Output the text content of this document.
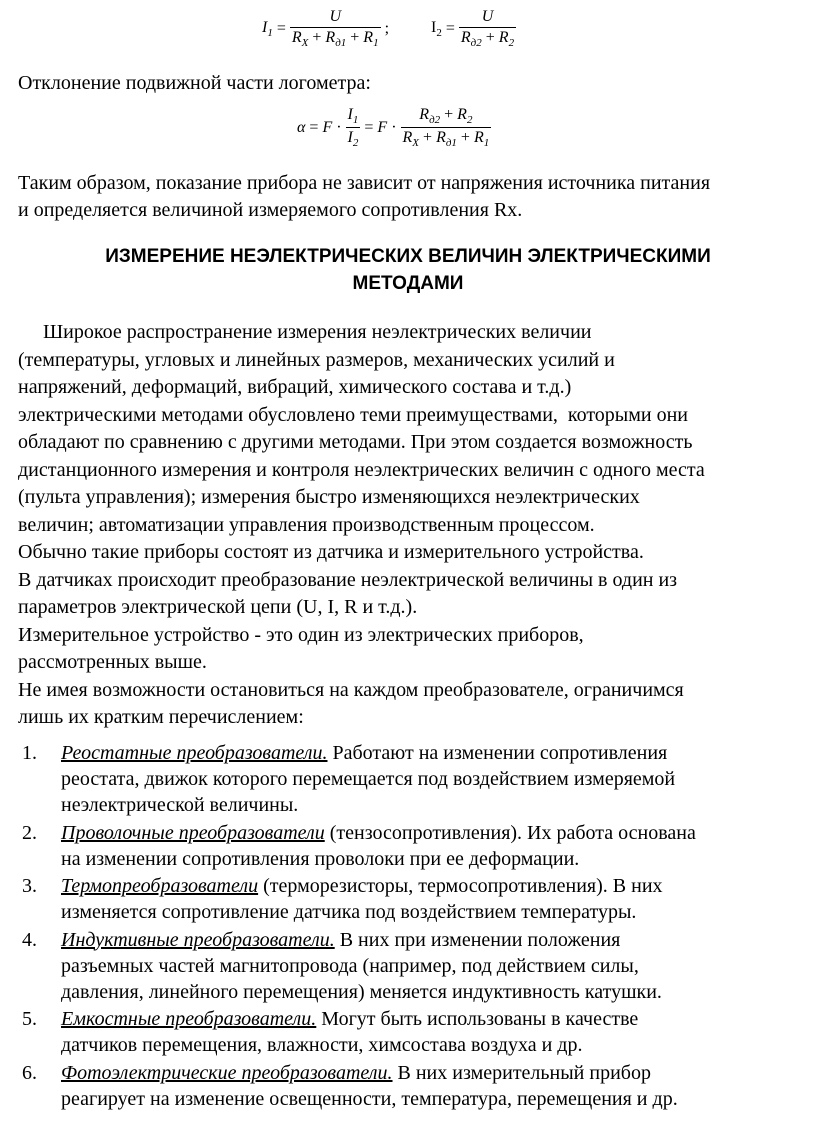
$I_1 = \frac{U}{R_X + R_{д1} + R_1}$ ;	$I_2 = \frac{U}{R_{д2} + R_2}$
Отклонение подвижной части логометра:
$\alpha = F \cdot \frac{I_1}{I_2} = F \cdot \frac{R_{д2} + R_2}{R_X + R_{д1} + R_1}$
Таким образом, показание прибора не зависит от напряжения источника питания
и определяется величиной измеряемого сопротивления Rx.
ИЗМЕРЕНИЕ НЕЭЛЕКТРИЧЕСКИХ ВЕЛИЧИН ЭЛЕКТРИЧЕСКИМИ
МЕТОДАМИ
Широкое распространение измерения неэлектрических величии
(температуры, угловых и линейных размеров, механических усилий и
напряжений, деформаций, вибраций, химического состава и т.д.)
электрическими методами обусловлено теми преимуществами,  которыми они
обладают по сравнению с другими методами. При этом создается возможность
дистанционного измерения и контроля неэлектрических величин с одного места
(пульта управления); измерения быстро изменяющихся неэлектрических
величин; автоматизации управления производственным процессом.
Обычно такие приборы состоят из датчика и измерительного устройства.
В датчиках происходит преобразование неэлектрической величины в один из
параметров электрической цепи (U, I, R и т.д.).
Измерительное устройство - это один из электрических приборов,
рассмотренных выше.
Не имея возможности остановиться на каждом преобразователе, ограничимся
лишь их кратким перечислением:
1. Реостатные преобразователи. Работают на изменении сопротивления
реостата, движок которого перемещается под воздействием измеряемой
неэлектрической величины.
2. Проволочные преобразователи (тензосопротивления). Их работа основана
на изменении сопротивления проволоки при ее деформации.
3. Термопреобразователи (терморезисторы, термосопротивления). В них
изменяется сопротивление датчика под воздействием температуры.
4. Индуктивные преобразователи. В них при изменении положения
разъемных частей магнитопровода (например, под действием силы,
давления, линейного перемещения) меняется индуктивность катушки.
5. Емкостные преобразователи. Могут быть использованы в качестве
датчиков перемещения, влажности, химсостава воздуха и др.
6. Фотоэлектрические преобразователи. В них измерительный прибор
реагирует на изменение освещенности, температура, перемещения и др.
